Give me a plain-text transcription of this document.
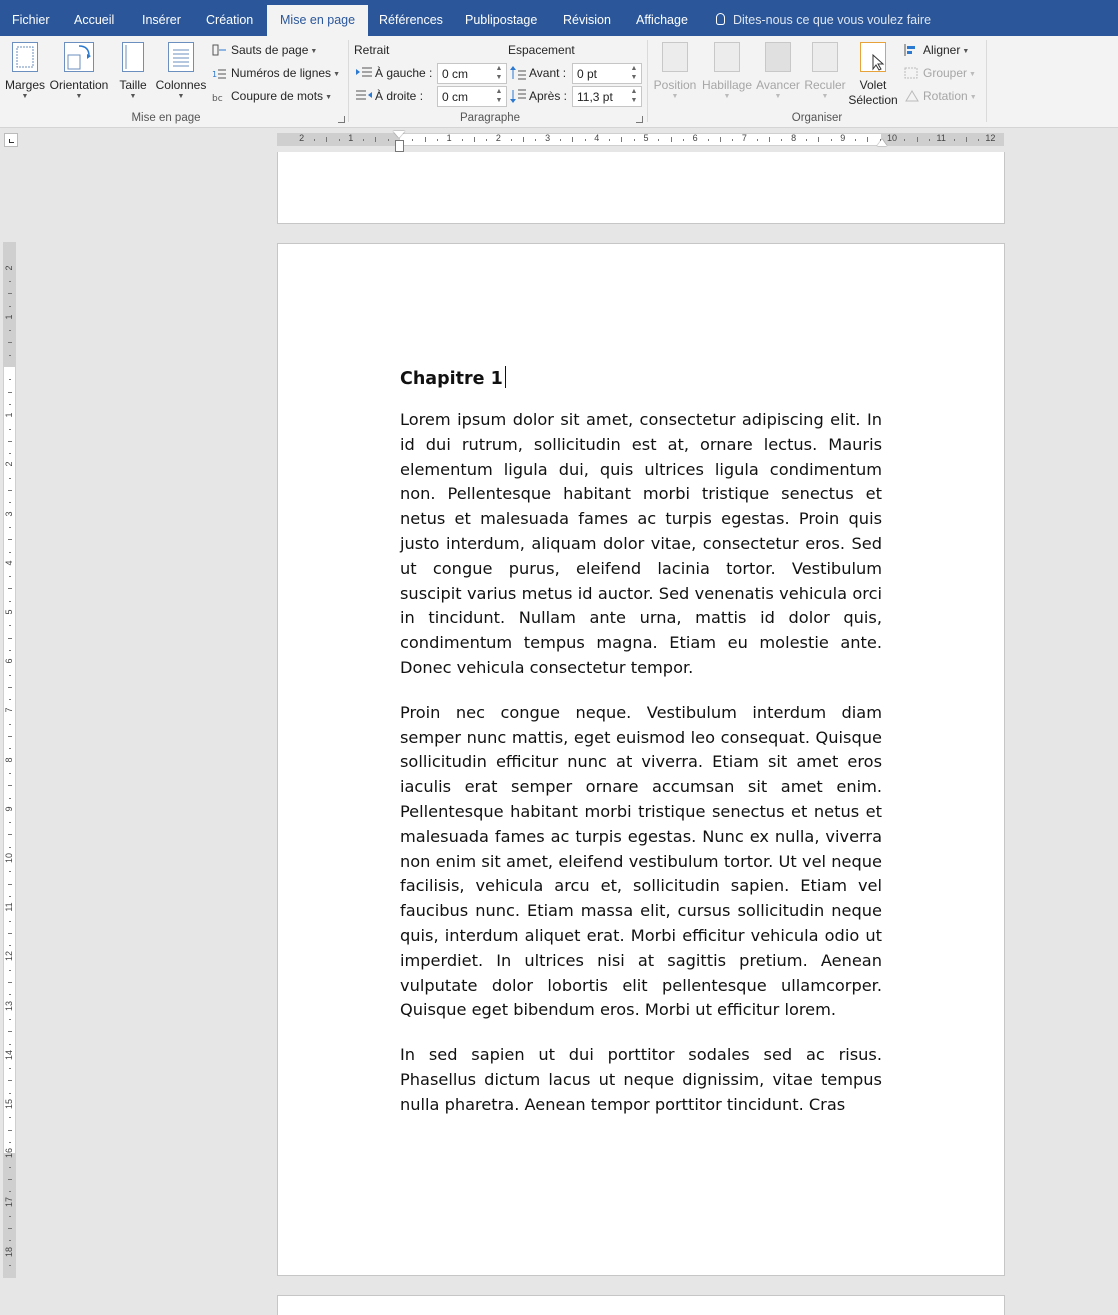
Fichier Accueil Insérer Création	Mise en page	Références Publipostage Révision Affichage	Dites-nous ce que vous voulez faire
Marges
▼
Orientation
▼
Taille
▼
Colonnes
▼
Sauts de page ▼
1 Numéros de lignes ▼
bc Coupure de mots ▼
Mise en page
Retrait	Espacement
À gauche :
0 cm	▲
▼
À droite :
0 cm	▲
▼
Avant :
0 pt	▲
▼
Après :
11,3 pt	▲
▼
Paragraphe
Position
▼
Habillage
▼
Avancer
▼
Reculer
▼
Volet
Sélection
Aligner ▼
Grouper ▼
Rotation ▼
Organiser
2	1	1	2	3	4	5	6	7	8	9	10	11	12
2
1
1
2
3
4
5
6
7
8
9
10
11
12
13
14
15
16
17
18
Chapitre 1

Lorem ipsum dolor sit amet, consectetur adipiscing elit. In id dui rutrum, sollicitudin est at, ornare lectus. Mauris elementum ligula dui, quis ultrices ligula condimentum non. Pellentesque habitant morbi tristique senectus et netus et malesuada fames ac turpis egestas. Proin quis justo interdum, aliquam dolor vitae, consectetur eros. Sed ut congue purus, eleifend lacinia tortor. Vestibulum suscipit varius metus id auctor. Sed venenatis vehicula orci in tincidunt. Nullam ante urna, mattis id dolor quis, condimentum tempus magna. Etiam eu molestie ante. Donec vehicula consectetur tempor.

Proin nec congue neque. Vestibulum interdum diam semper nunc mattis, eget euismod leo consequat. Quisque sollicitudin efficitur nunc at viverra. Etiam sit amet eros iaculis erat semper ornare accumsan sit amet enim. Pellentesque habitant morbi tristique senectus et netus et malesuada fames ac turpis egestas. Nunc ex nulla, viverra non enim sit amet, eleifend vestibulum tortor. Ut vel neque facilisis, vehicula arcu et, sollicitudin sapien. Etiam vel faucibus nunc. Etiam massa elit, cursus sollicitudin neque quis, interdum aliquet erat. Morbi efficitur vehicula odio ut imperdiet. In ultrices nisi at sagittis pretium. Aenean vulputate dolor lobortis elit pellentesque ullamcorper. Quisque eget bibendum eros. Morbi ut efficitur lorem.

In sed sapien ut dui porttitor sodales sed ac risus. Phasellus dictum lacus ut neque dignissim, vitae tempus nulla pharetra. Aenean tempor porttitor tincidunt. Cras
